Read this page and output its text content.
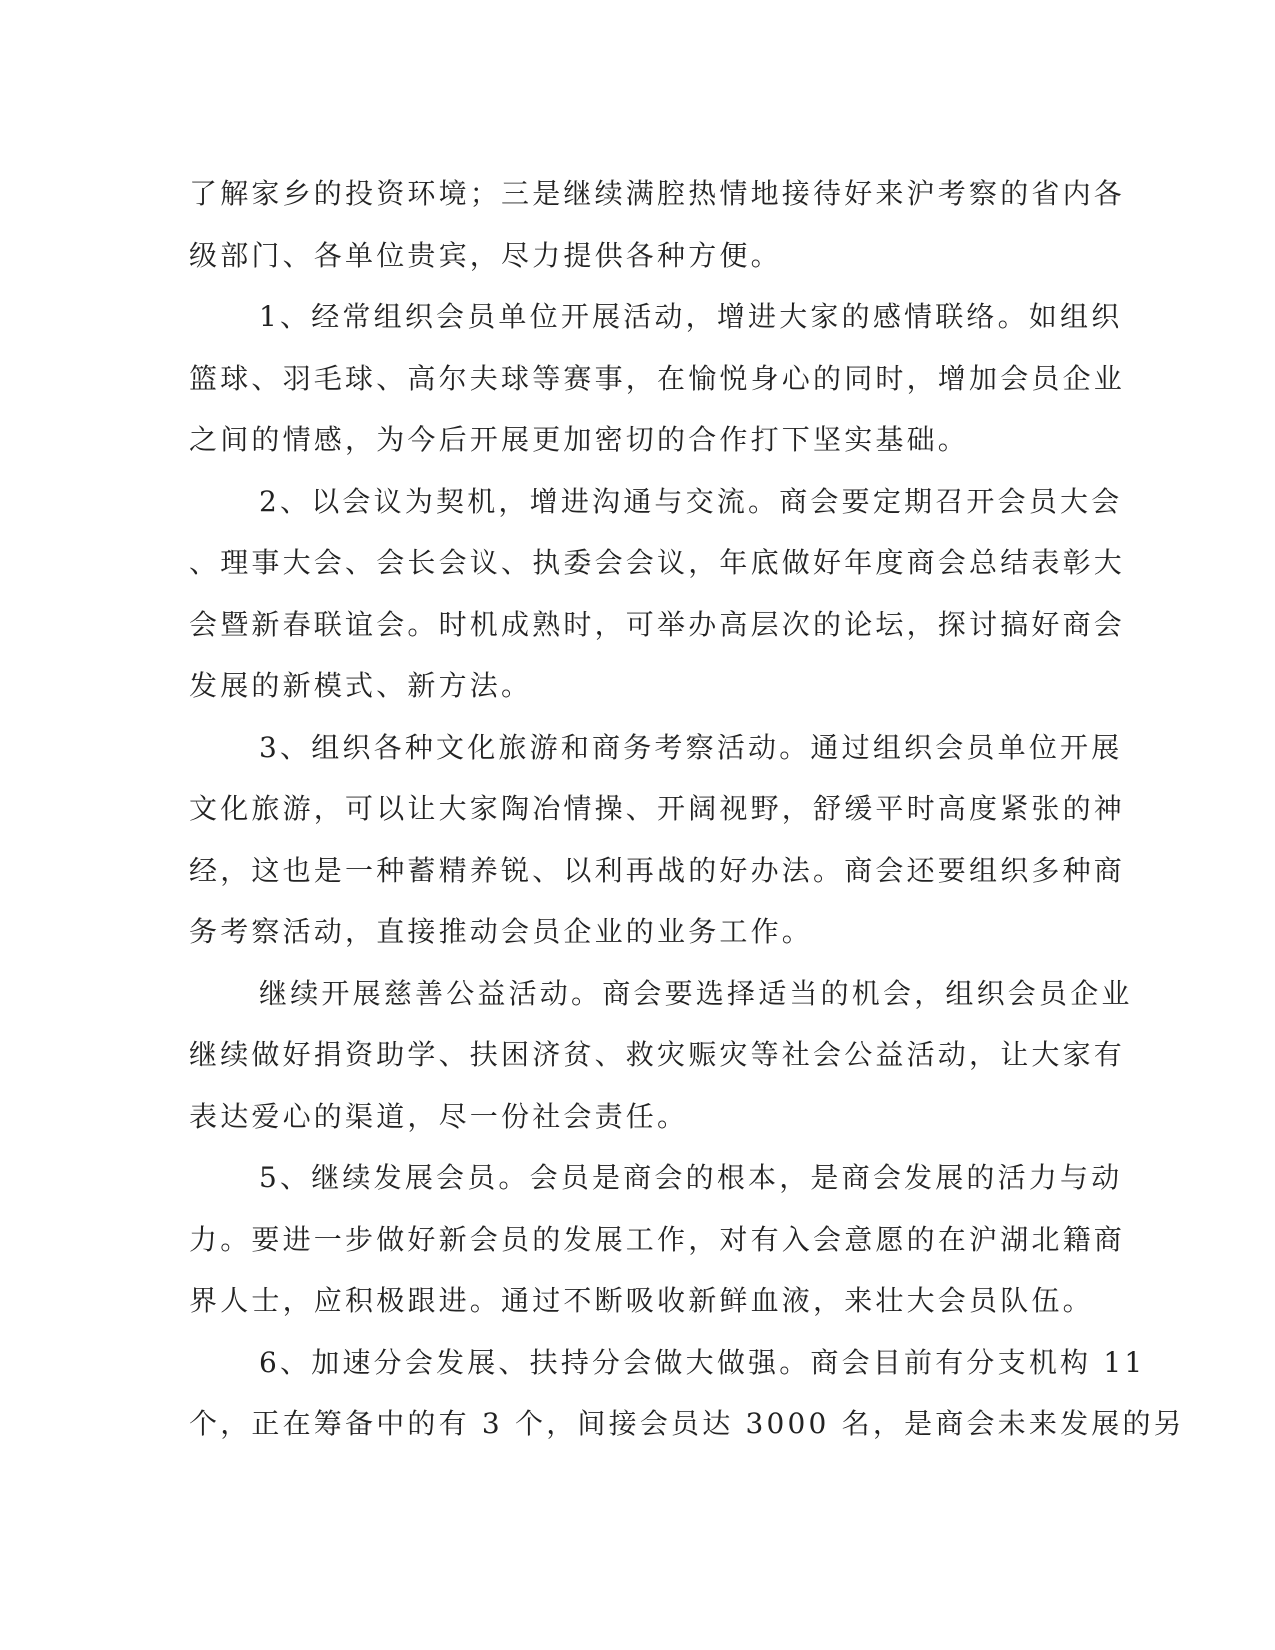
了解家乡的投资环境；三是继续满腔热情地接待好来沪考察的省内各
级部门、各单位贵宾，尽力提供各种方便。
1、经常组织会员单位开展活动，增进大家的感情联络。如组织
篮球、羽毛球、高尔夫球等赛事，在愉悦身心的同时，增加会员企业
之间的情感，为今后开展更加密切的合作打下坚实基础。
2、以会议为契机，增进沟通与交流。商会要定期召开会员大会
、理事大会、会长会议、执委会会议，年底做好年度商会总结表彰大
会暨新春联谊会。时机成熟时，可举办高层次的论坛，探讨搞好商会
发展的新模式、新方法。
3、组织各种文化旅游和商务考察活动。通过组织会员单位开展
文化旅游，可以让大家陶冶情操、开阔视野，舒缓平时高度紧张的神
经，这也是一种蓄精养锐、以利再战的好办法。商会还要组织多种商
务考察活动，直接推动会员企业的业务工作。
继续开展慈善公益活动。商会要选择适当的机会，组织会员企业
继续做好捐资助学、扶困济贫、救灾赈灾等社会公益活动，让大家有
表达爱心的渠道，尽一份社会责任。
5、继续发展会员。会员是商会的根本，是商会发展的活力与动
力。要进一步做好新会员的发展工作，对有入会意愿的在沪湖北籍商
界人士，应积极跟进。通过不断吸收新鲜血液，来壮大会员队伍。
6、加速分会发展、扶持分会做大做强。商会目前有分支机构 11
个，正在筹备中的有 3 个，间接会员达 3000 名，是商会未来发展的另
